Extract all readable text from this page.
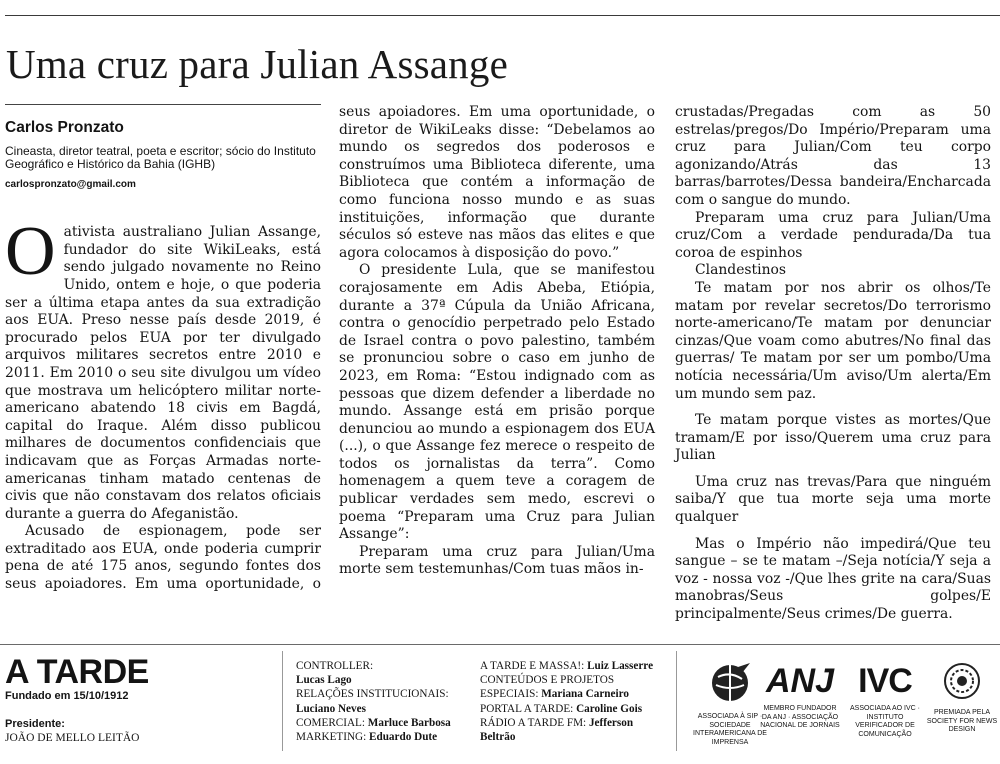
Uma cruz para Julian Assange
Carlos Pronzato
Cineasta, diretor teatral, poeta e escritor; sócio do Instituto Geográfico e Histórico da Bahia (IGHB)
carlospronzato@gmail.com

Oativista australiano Julian Assange, fundador do site WikiLeaks, está sendo julgado novamente no Reino Unido, ontem e hoje, o que poderia ser a última etapa antes da sua extradição aos EUA. Preso nesse país desde 2019, é procurado pelos EUA por ter divulgado arquivos militares secretos entre 2010 e 2011. Em 2010 o seu site divulgou um vídeo que mostrava um helicóptero militar norte-americano abatendo 18 civis em Bagdá, capital do Iraque. Além disso publicou milhares de documentos confidenciais que indicavam que as Forças Armadas norte-americanas tinham matado centenas de civis que não constavam dos relatos oficiais durante a guerra do Afeganistão.

Acusado de espionagem, pode ser extraditado aos EUA, onde poderia cumprir pena de até 175 anos, segundo fontes dos seus apoiadores. Em uma oportunidade, o

seus apoiadores. Em uma oportunidade, o diretor de WikiLeaks disse: “Debelamos ao mundo os segredos dos poderosos e construímos uma Biblioteca diferente, uma Biblioteca que contém a informação de como funciona nosso mundo e as suas instituições, informação que durante séculos só esteve nas mãos das elites e que agora colocamos à disposição do povo.”

O presidente Lula, que se manifestou corajosamente em Adis Abeba, Etiópia, durante a 37ª Cúpula da União Africana, contra o genocídio perpetrado pelo Estado de Israel contra o povo palestino, também se pronunciou sobre o caso em junho de 2023, em Roma: “Estou indignado com as pessoas que dizem defender a liberdade no mundo. Assange está em prisão porque denunciou ao mundo a espionagem dos EUA (...), o que Assange fez merece o respeito de todos os jornalistas da terra”. Como homenagem a quem teve a coragem de publicar verdades sem medo, escrevi o poema “Preparam uma Cruz para Julian Assange”:

Preparam uma cruz para Julian/Uma morte sem testemunhas/Com tuas mãos in-

crustadas/Pregadas com as 50 estrelas/pregos/Do Império/Preparam uma cruz para Julian/Com teu corpo agonizando/Atrás das 13 barras/barrotes/Dessa bandeira/Encharcada com o sangue do mundo.

Preparam uma cruz para Julian/Uma cruz/Com a verdade pendurada/Da tua coroa de espinhos

Clandestinos

Te matam por nos abrir os olhos/Te matam por revelar secretos/Do terrorismo norte-americano/Te matam por denunciar cinzas/Que voam como abutres/No final das guerras/ Te matam por ser um pombo/Uma notícia necessária/Um aviso/Um alerta/Em um mundo sem paz.

Te matam porque vistes as mortes/Que tramam/E por isso/Querem uma cruz para Julian

Uma cruz nas trevas/Para que ninguém saiba/Y que tua morte seja uma morte qualquer

Mas o Império não impedirá/Que teu sangue – se te matam –/Seja notícia/Y seja a voz - nossa voz -/Que lhes grite na cara/Suas manobras/Seus golpes/E principalmente/Seus crimes/De guerra.

A TARDE
Fundado em 15/10/1912
Presidente:
JOÃO DE MELLO LEITÃO
CONTROLLER:
Lucas Lago
RELAÇÕES INSTITUCIONAIS:
Luciano Neves
COMERCIAL: Marluce Barbosa
MARKETING: Eduardo Dute
A TARDE E MASSA!: Luiz Lasserre
CONTEÚDOS E PROJETOS
ESPECIAIS: Mariana Carneiro
PORTAL A TARDE: Caroline Gois
RÁDIO A TARDE FM: Jefferson Beltrão
ASSOCIADA À SIP · SOCIEDADE INTERAMERICANA DE IMPRENSA
ANJ
MEMBRO FUNDADOR DA ANJ · ASSOCIAÇÃO NACIONAL DE JORNAIS
IVC
ASSOCIADA AO IVC · INSTITUTO VERIFICADOR DE COMUNICAÇÃO
PREMIADA PELA SOCIETY FOR NEWS DESIGN
